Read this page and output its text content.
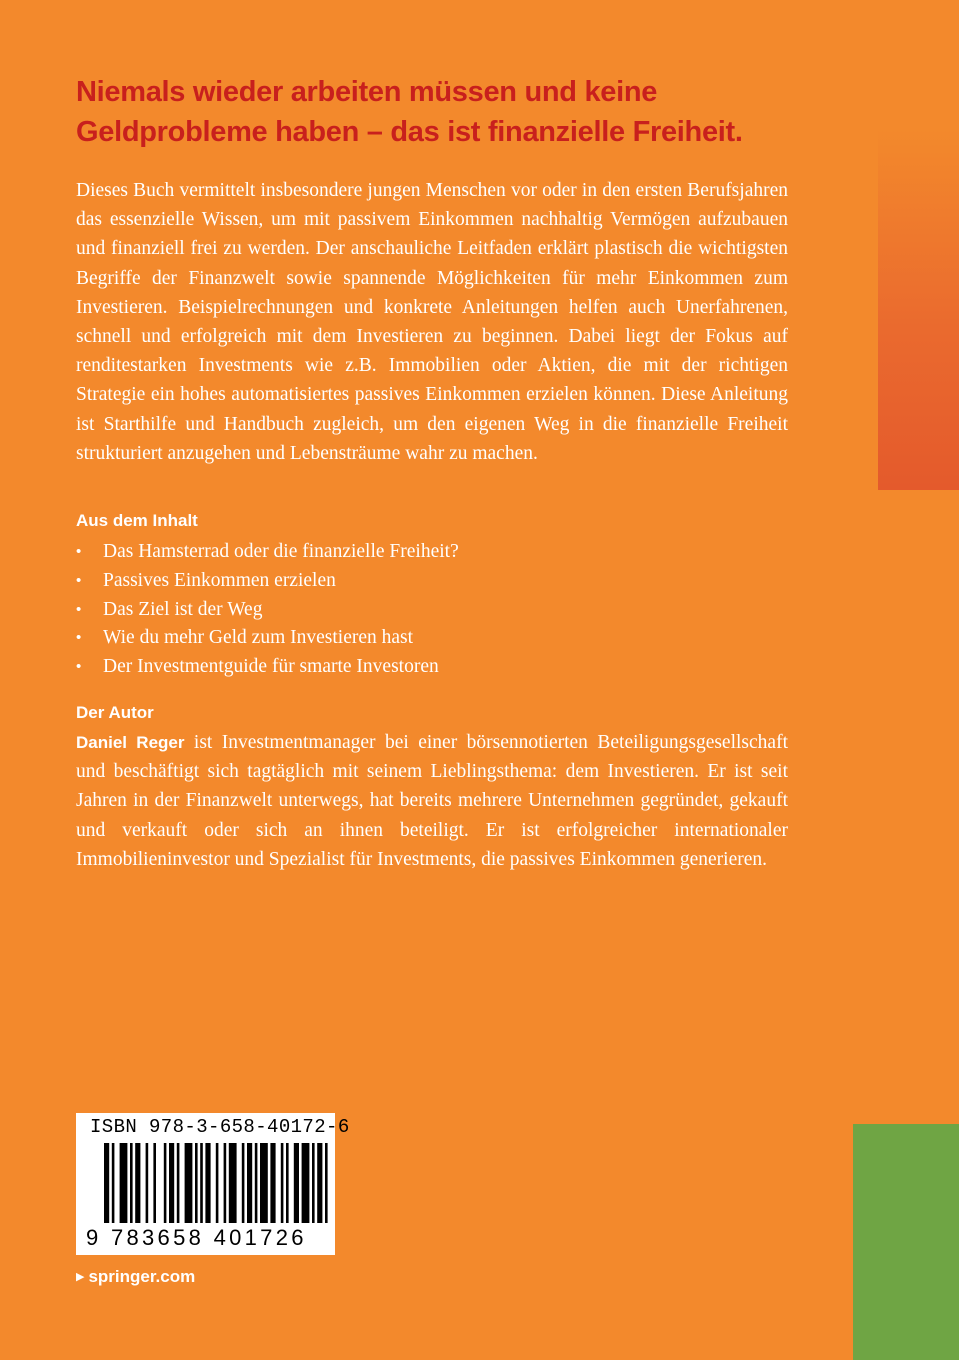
Niemals wieder arbeiten müssen und keine Geldprobleme haben – das ist finanzielle Freiheit.
Dieses Buch vermittelt insbesondere jungen Menschen vor oder in den ersten Berufsjahren das essenzielle Wissen, um mit passivem Einkommen nachhaltig Vermögen aufzubauen und finanziell frei zu werden. Der anschauliche Leitfaden erklärt plastisch die wichtigsten Begriffe der Finanzwelt sowie spannende Möglichkeiten für mehr Einkommen zum Investieren. Beispielrechnungen und konkrete Anleitungen helfen auch Unerfahrenen, schnell und erfolgreich mit dem Investieren zu beginnen. Dabei liegt der Fokus auf renditestarken Investments wie z.B. Immobilien oder Aktien, die mit der richtigen Strategie ein hohes automatisiertes passives Einkommen erzielen können. Diese Anleitung ist Starthilfe und Handbuch zugleich, um den eigenen Weg in die finanzielle Freiheit strukturiert anzugehen und Lebensträume wahr zu machen.
Aus dem Inhalt
• Das Hamsterrad oder die finanzielle Freiheit?
• Passives Einkommen erzielen
• Das Ziel ist der Weg
• Wie du mehr Geld zum Investieren hast
• Der Investmentguide für smarte Investoren
Der Autor
Daniel Reger ist Investmentmanager bei einer börsennotierten Beteiligungsgesellschaft und beschäftigt sich tagtäglich mit seinem Lieblingsthema: dem Investieren. Er ist seit Jahren in der Finanzwelt unterwegs, hat bereits mehrere Unternehmen gegründet, gekauft und verkauft oder sich an ihnen beteiligt. Er ist erfolgreicher internationaler Immobilieninvestor und Spezialist für Investments, die passives Einkommen generieren.
ISBN 978-3-658-40172-6
9 783658 401726
▶ springer.com
